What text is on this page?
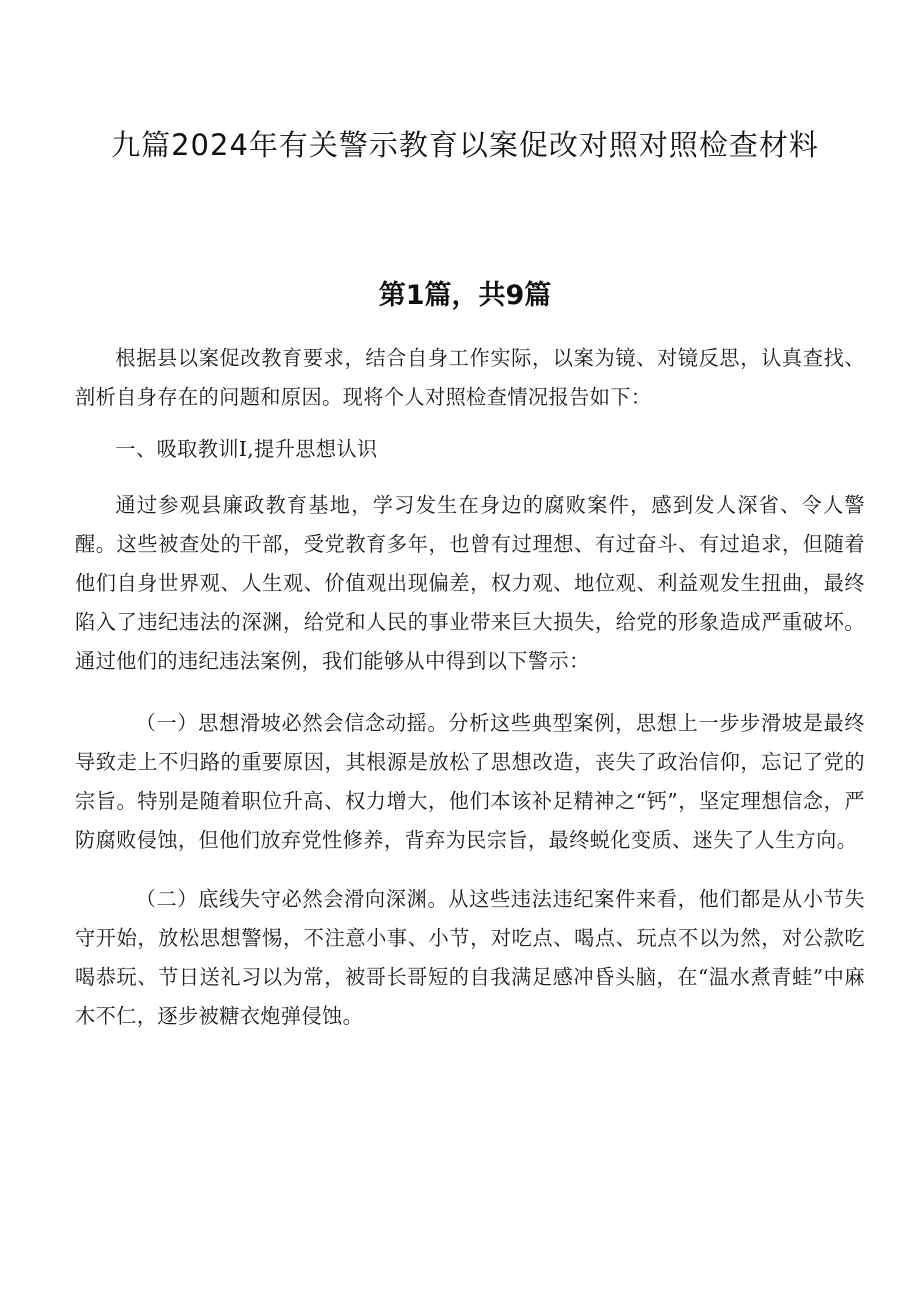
九篇2024年有关警示教育以案促改对照对照检查材料
第1篇，共9篇

根据县以案促改教育要求，结合自身工作实际，以案为镜、对镜反思，认真查找、剖析自身存在的问题和原因。现将个人对照检查情况报告如下：

一、吸取教训I,提升思想认识

通过参观县廉政教育基地，学习发生在身边的腐败案件，感到发人深省、令人警醒。这些被查处的干部，受党教育多年，也曾有过理想、有过奋斗、有过追求，但随着他们自身世界观、人生观、价值观出现偏差，权力观、地位观、利益观发生扭曲，最终陷入了违纪违法的深渊，给党和人民的事业带来巨大损失，给党的形象造成严重破坏。通过他们的违纪违法案例，我们能够从中得到以下警示：

（一）思想滑坡必然会信念动摇。分析这些典型案例，思想上一步步滑坡是最终导致走上不归路的重要原因，其根源是放松了思想改造，丧失了政治信仰，忘记了党的宗旨。特别是随着职位升高、权力增大，他们本该补足精神之“钙”，坚定理想信念，严防腐败侵蚀，但他们放弃党性修养，背弃为民宗旨，最终蜕化变质、迷失了人生方向。

（二）底线失守必然会滑向深渊。从这些违法违纪案件来看，他们都是从小节失守开始，放松思想警惕，不注意小事、小节，对吃点、喝点、玩点不以为然，对公款吃喝恭玩、节日送礼习以为常，被哥长哥短的自我满足感冲昏头脑，在“温水煮青蛙”中麻木不仁，逐步被糖衣炮弹侵蚀。
